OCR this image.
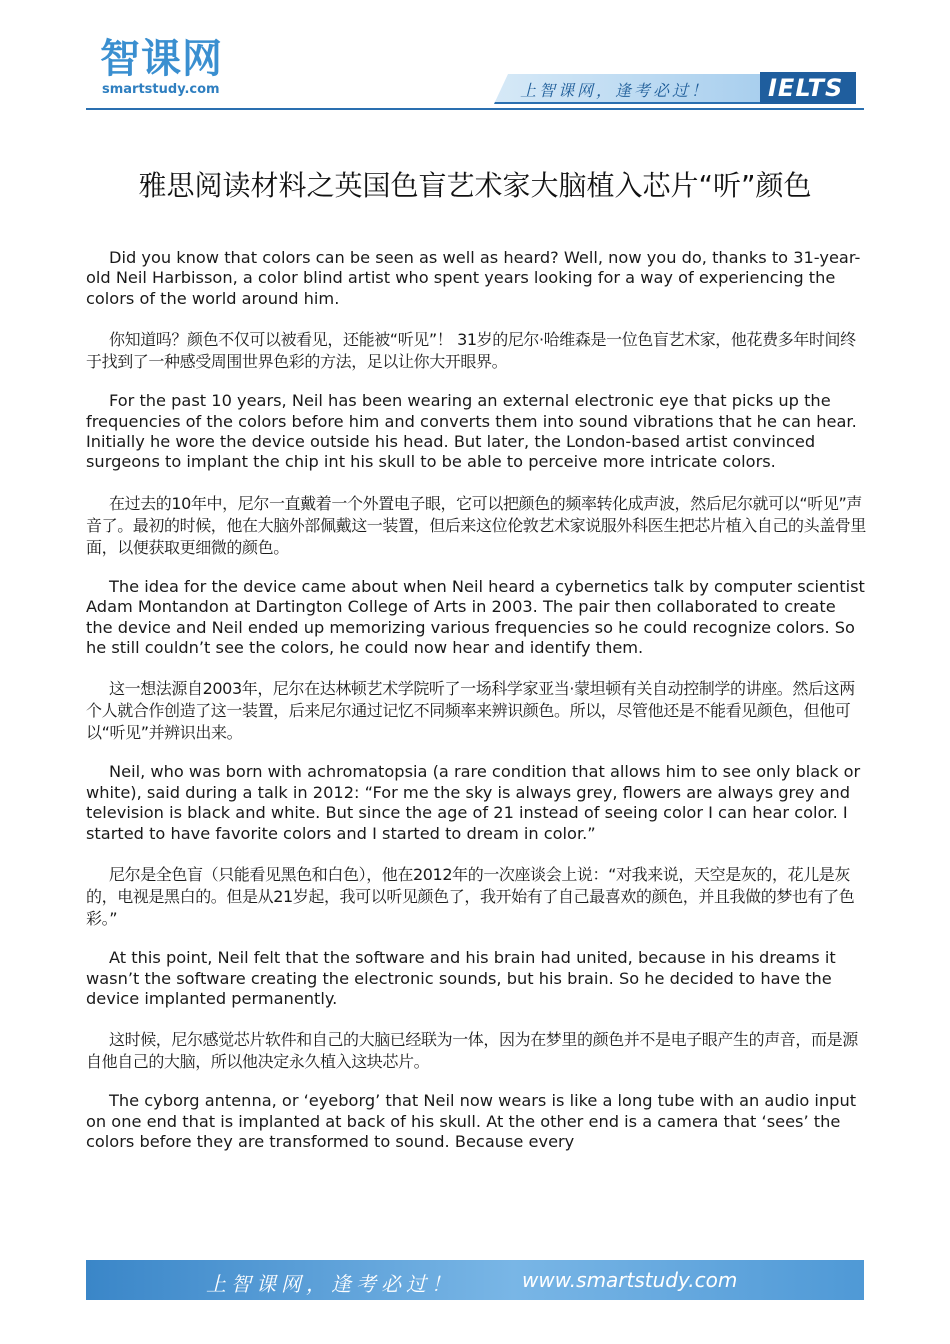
智课网
smartstudy.com	上智课网，逢考必过！ IELTS
雅思阅读材料之英国色盲艺术家大脑植入芯片“听”颜色

Did you know that colors can be seen as well as heard? Well, now you do, thanks to 31-year-old Neil Harbisson, a color blind artist who spent years looking for a way of experiencing the colors of the world around him.

你知道吗？颜色不仅可以被看见，还能被“听见”！ 31岁的尼尔·哈维森是一位色盲艺术家，他花费多年时间终于找到了一种感受周围世界色彩的方法，足以让你大开眼界。

For the past 10 years, Neil has been wearing an external electronic eye that picks up the frequencies of the colors before him and converts them into sound vibrations that he can hear. Initially he wore the device outside his head. But later, the London-based artist convinced surgeons to implant the chip int his skull to be able to perceive more intricate colors.

在过去的10年中，尼尔一直戴着一个外置电子眼，它可以把颜色的频率转化成声波，然后尼尔就可以“听见”声音了。最初的时候，他在大脑外部佩戴这一装置，但后来这位伦敦艺术家说服外科医生把芯片植入自己的头盖骨里面，以便获取更细微的颜色。

The idea for the device came about when Neil heard a cybernetics talk by computer scientist Adam Montandon at Dartington College of Arts in 2003. The pair then collaborated to create the device and Neil ended up memorizing various frequencies so he could recognize colors. So he still couldn’t see the colors, he could now hear and identify them.

这一想法源自2003年，尼尔在达林顿艺术学院听了一场科学家亚当·蒙坦顿有关自动控制学的讲座。然后这两个人就合作创造了这一装置，后来尼尔通过记忆不同频率来辨识颜色。所以，尽管他还是不能看见颜色，但他可以“听见”并辨识出来。

Neil, who was born with achromatopsia (a rare condition that allows him to see only black or white), said during a talk in 2012: “For me the sky is always grey, flowers are always grey and television is black and white. But since the age of 21 instead of seeing color I can hear color. I started to have favorite colors and I started to dream in color.”

尼尔是全色盲（只能看见黑色和白色），他在2012年的一次座谈会上说：“对我来说，天空是灰的，花儿是灰的，电视是黑白的。但是从21岁起，我可以听见颜色了，我开始有了自己最喜欢的颜色，并且我做的梦也有了色彩。”

At this point, Neil felt that the software and his brain had united, because in his dreams it wasn’t the software creating the electronic sounds, but his brain. So he decided to have the device implanted permanently.

这时候，尼尔感觉芯片软件和自己的大脑已经联为一体，因为在梦里的颜色并不是电子眼产生的声音，而是源自他自己的大脑，所以他决定永久植入这块芯片。

The cyborg antenna, or ‘eyeborg’ that Neil now wears is like a long tube with an audio input on one end that is implanted at back of his skull. At the other end is a camera that ‘sees’ the colors before they are transformed to sound. Because every

上智课网，逢考必过！	www.smartstudy.com
